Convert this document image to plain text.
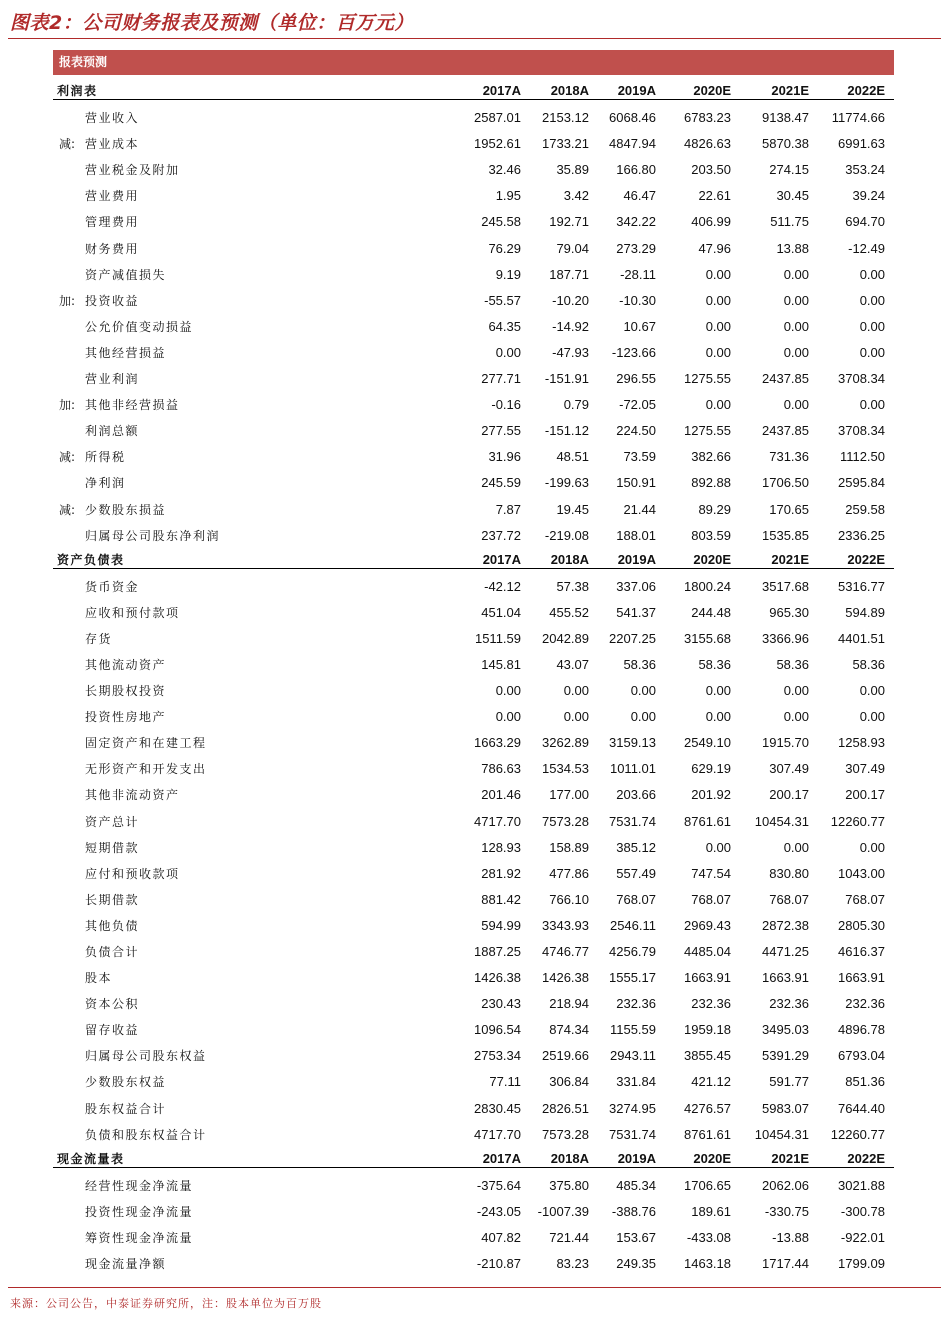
图表2：公司财务报表及预测（单位：百万元）
报表预测
利润表	2017A	2018A	2019A	2020E	2021E	2022E
营业收入	2587.01	2153.12	6068.46	6783.23	9138.47	11774.66
减: 营业成本	1952.61	1733.21	4847.94	4826.63	5870.38	6991.63
营业税金及附加	32.46	35.89	166.80	203.50	274.15	353.24
营业费用	1.95	3.42	46.47	22.61	30.45	39.24
管理费用	245.58	192.71	342.22	406.99	511.75	694.70
财务费用	76.29	79.04	273.29	47.96	13.88	-12.49
资产减值损失	9.19	187.71	-28.11	0.00	0.00	0.00
加: 投资收益	-55.57	-10.20	-10.30	0.00	0.00	0.00
公允价值变动损益	64.35	-14.92	10.67	0.00	0.00	0.00
其他经营损益	0.00	-47.93	-123.66	0.00	0.00	0.00
营业利润	277.71	-151.91	296.55	1275.55	2437.85	3708.34
加: 其他非经营损益	-0.16	0.79	-72.05	0.00	0.00	0.00
利润总额	277.55	-151.12	224.50	1275.55	2437.85	3708.34
减: 所得税	31.96	48.51	73.59	382.66	731.36	1112.50
净利润	245.59	-199.63	150.91	892.88	1706.50	2595.84
减: 少数股东损益	7.87	19.45	21.44	89.29	170.65	259.58
归属母公司股东净利润	237.72	-219.08	188.01	803.59	1535.85	2336.25
资产负债表	2017A	2018A	2019A	2020E	2021E	2022E
货币资金	-42.12	57.38	337.06	1800.24	3517.68	5316.77
应收和预付款项	451.04	455.52	541.37	244.48	965.30	594.89
存货	1511.59	2042.89	2207.25	3155.68	3366.96	4401.51
其他流动资产	145.81	43.07	58.36	58.36	58.36	58.36
长期股权投资	0.00	0.00	0.00	0.00	0.00	0.00
投资性房地产	0.00	0.00	0.00	0.00	0.00	0.00
固定资产和在建工程	1663.29	3262.89	3159.13	2549.10	1915.70	1258.93
无形资产和开发支出	786.63	1534.53	1011.01	629.19	307.49	307.49
其他非流动资产	201.46	177.00	203.66	201.92	200.17	200.17
资产总计	4717.70	7573.28	7531.74	8761.61	10454.31	12260.77
短期借款	128.93	158.89	385.12	0.00	0.00	0.00
应付和预收款项	281.92	477.86	557.49	747.54	830.80	1043.00
长期借款	881.42	766.10	768.07	768.07	768.07	768.07
其他负债	594.99	3343.93	2546.11	2969.43	2872.38	2805.30
负债合计	1887.25	4746.77	4256.79	4485.04	4471.25	4616.37
股本	1426.38	1426.38	1555.17	1663.91	1663.91	1663.91
资本公积	230.43	218.94	232.36	232.36	232.36	232.36
留存收益	1096.54	874.34	1155.59	1959.18	3495.03	4896.78
归属母公司股东权益	2753.34	2519.66	2943.11	3855.45	5391.29	6793.04
少数股东权益	77.11	306.84	331.84	421.12	591.77	851.36
股东权益合计	2830.45	2826.51	3274.95	4276.57	5983.07	7644.40
负债和股东权益合计	4717.70	7573.28	7531.74	8761.61	10454.31	12260.77
现金流量表	2017A	2018A	2019A	2020E	2021E	2022E
经营性现金净流量	-375.64	375.80	485.34	1706.65	2062.06	3021.88
投资性现金净流量	-243.05	-1007.39	-388.76	189.61	-330.75	-300.78
筹资性现金净流量	407.82	721.44	153.67	-433.08	-13.88	-922.01
现金流量净额	-210.87	83.23	249.35	1463.18	1717.44	1799.09
来源：公司公告，中泰证券研究所，注：股本单位为百万股
